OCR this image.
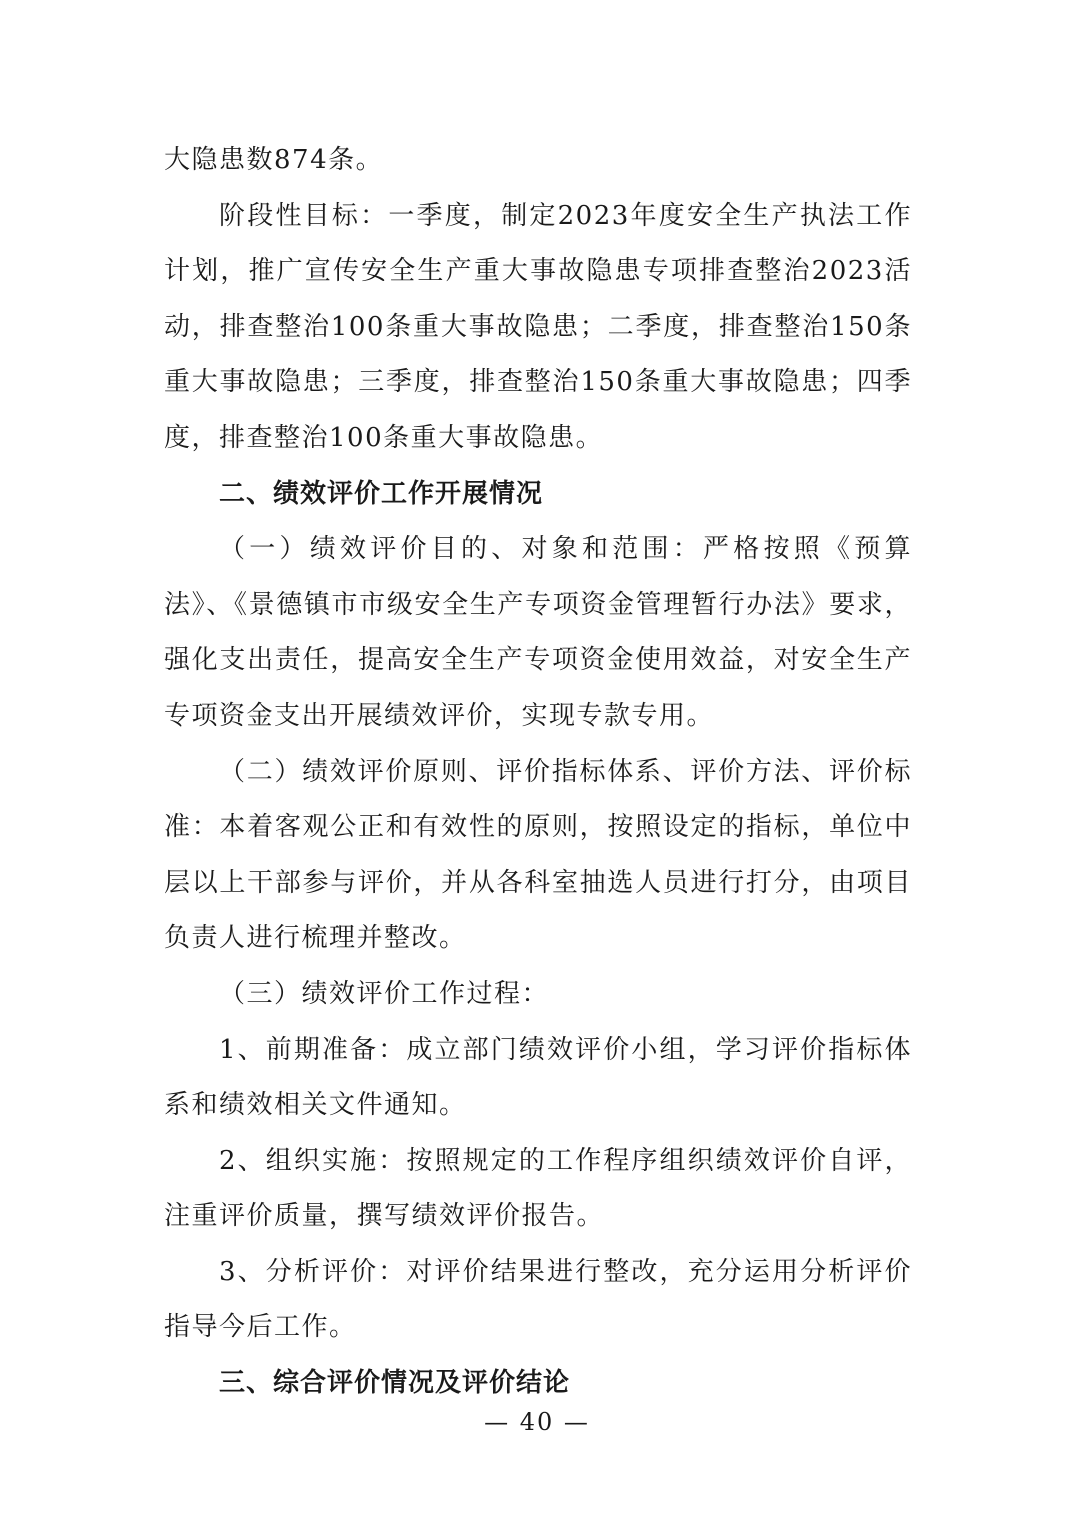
大隐患数874条。

阶段性目标：一季度，制定2023年度安全生产执法工作计划，推广宣传安全生产重大事故隐患专项排查整治2023活动，排查整治100条重大事故隐患；二季度，排查整治150条重大事故隐患；三季度，排查整治150条重大事故隐患；四季度，排查整治100条重大事故隐患。

二、绩效评价工作开展情况

（一）绩效评价目的、对象和范围：严格按照《预算法》、《景德镇市市级安全生产专项资金管理暂行办法》要求，强化支出责任，提高安全生产专项资金使用效益，对安全生产专项资金支出开展绩效评价，实现专款专用。

（二）绩效评价原则、评价指标体系、评价方法、评价标准：本着客观公正和有效性的原则，按照设定的指标，单位中层以上干部参与评价，并从各科室抽选人员进行打分，由项目负责人进行梳理并整改。

（三）绩效评价工作过程：

1、前期准备：成立部门绩效评价小组，学习评价指标体系和绩效相关文件通知。

2、组织实施：按照规定的工作程序组织绩效评价自评，注重评价质量，撰写绩效评价报告。

3、分析评价：对评价结果进行整改，充分运用分析评价指导今后工作。

三、综合评价情况及评价结论

— 40 —
